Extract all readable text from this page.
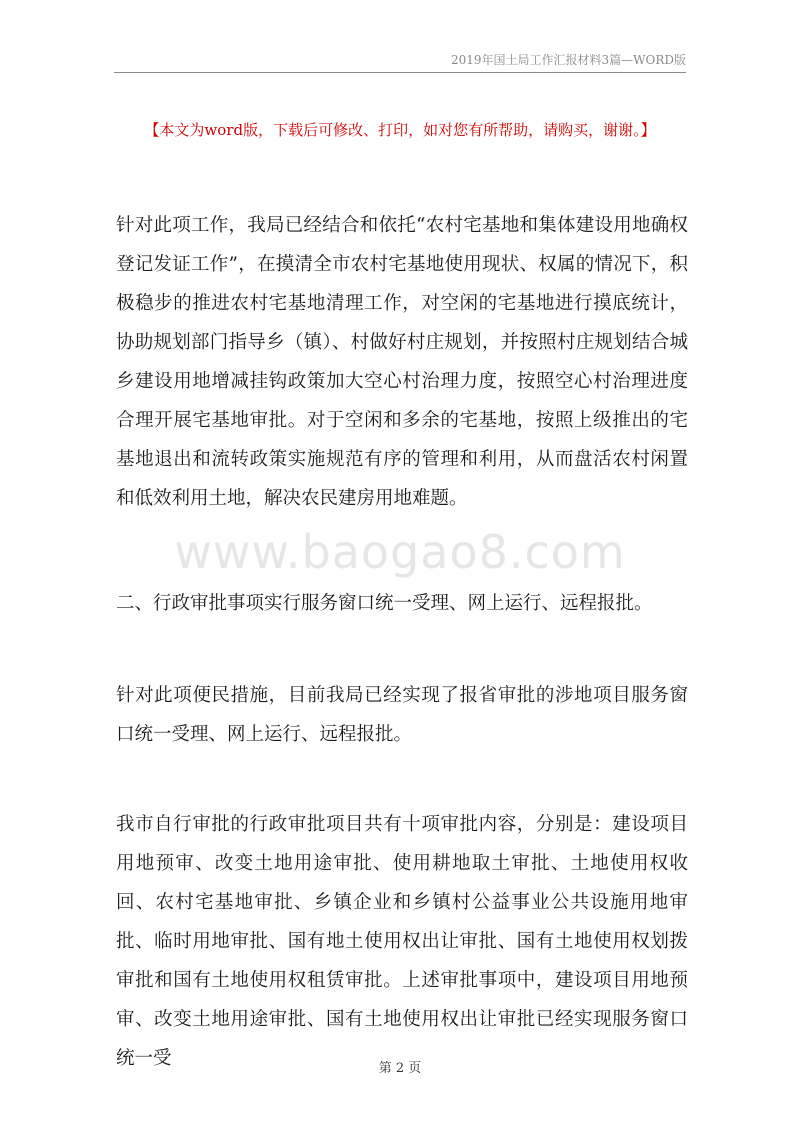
2019年国土局工作汇报材料3篇—WORD版
【本文为word版，下载后可修改、打印，如对您有所帮助，请购买，谢谢。】
针对此项工作，我局已经结合和依托“农村宅基地和集体建设用地确权登记发证工作”，在摸清全市农村宅基地使用现状、权属的情况下，积极稳步的推进农村宅基地清理工作，对空闲的宅基地进行摸底统计，协助规划部门指导乡（镇）、村做好村庄规划，并按照村庄规划结合城乡建设用地增减挂钩政策加大空心村治理力度，按照空心村治理进度合理开展宅基地审批。对于空闲和多余的宅基地，按照上级推出的宅基地退出和流转政策实施规范有序的管理和利用，从而盘活农村闲置和低效利用土地，解决农民建房用地难题。
www.baogao8.com
二、行政审批事项实行服务窗口统一受理、网上运行、远程报批。
针对此项便民措施，目前我局已经实现了报省审批的涉地项目服务窗口统一受理、网上运行、远程报批。
我市自行审批的行政审批项目共有十项审批内容，分别是：建设项目用地预审、改变土地用途审批、使用耕地取土审批、土地使用权收回、农村宅基地审批、乡镇企业和乡镇村公益事业公共设施用地审批、临时用地审批、国有地土使用权出让审批、国有土地使用权划拨审批和国有土地使用权租赁审批。上述审批事项中，建设项目用地预审、改变土地用途审批、国有土地使用权出让审批已经实现服务窗口统一受	第 2 页
